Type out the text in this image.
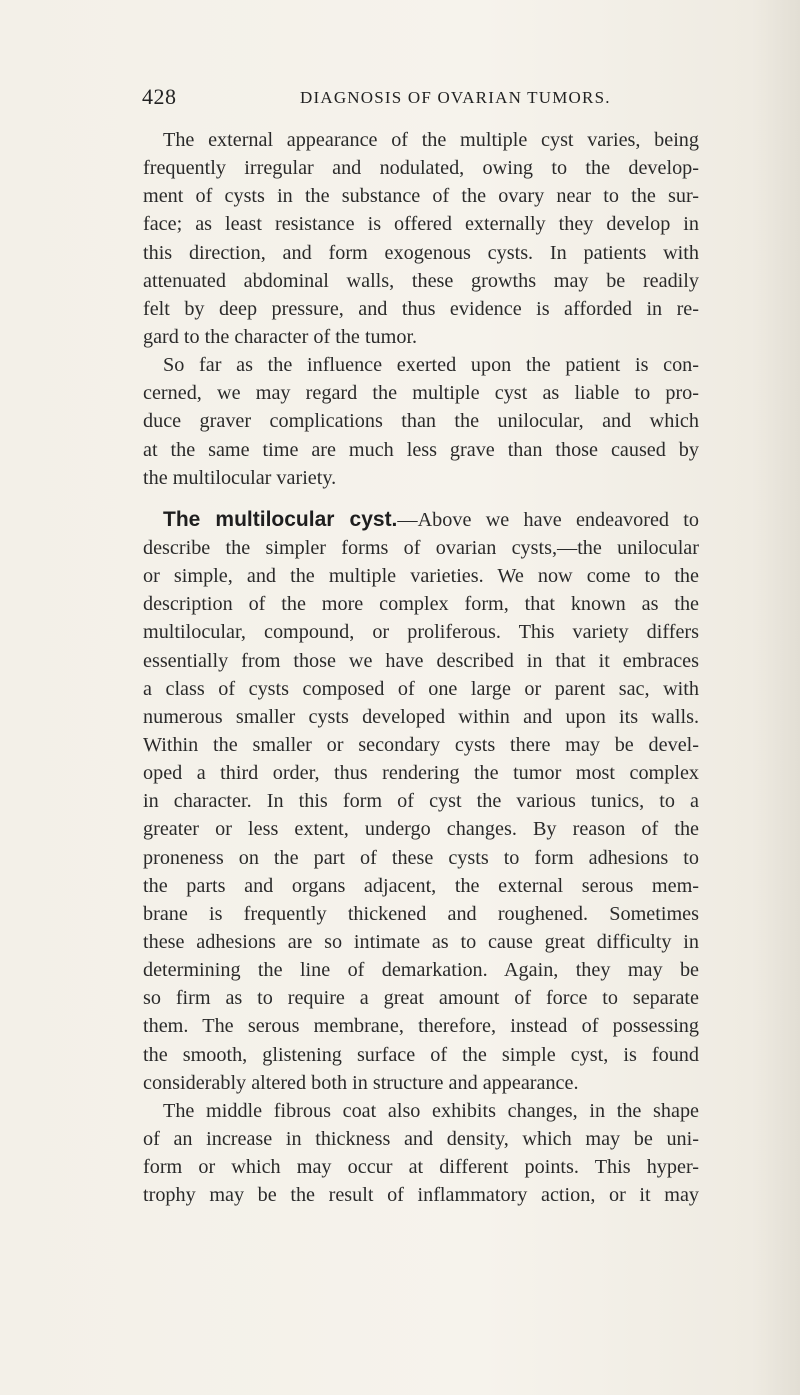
428	DIAGNOSIS OF OVARIAN TUMORS.
The external appearance of the multiple cyst varies, being
frequently irregular and nodulated, owing to the develop-
ment of cysts in the substance of the ovary near to the sur-
face; as least resistance is offered externally they develop in
this direction, and form exogenous cysts. In patients with
attenuated abdominal walls, these growths may be readily
felt by deep pressure, and thus evidence is afforded in re-
gard to the character of the tumor.
So far as the influence exerted upon the patient is con-
cerned, we may regard the multiple cyst as liable to pro-
duce graver complications than the unilocular, and which
at the same time are much less grave than those caused by
the multilocular variety.
The multilocular cyst.—Above we have endeavored to
describe the simpler forms of ovarian cysts,—the unilocular
or simple, and the multiple varieties. We now come to the
description of the more complex form, that known as the
multilocular, compound, or proliferous. This variety differs
essentially from those we have described in that it embraces
a class of cysts composed of one large or parent sac, with
numerous smaller cysts developed within and upon its walls.
Within the smaller or secondary cysts there may be devel-
oped a third order, thus rendering the tumor most complex
in character. In this form of cyst the various tunics, to a
greater or less extent, undergo changes. By reason of the
proneness on the part of these cysts to form adhesions to
the parts and organs adjacent, the external serous mem-
brane is frequently thickened and roughened. Sometimes
these adhesions are so intimate as to cause great difficulty in
determining the line of demarkation. Again, they may be
so firm as to require a great amount of force to separate
them. The serous membrane, therefore, instead of possessing
the smooth, glistening surface of the simple cyst, is found
considerably altered both in structure and appearance.
The middle fibrous coat also exhibits changes, in the shape
of an increase in thickness and density, which may be uni-
form or which may occur at different points. This hyper-
trophy may be the result of inflammatory action, or it may
